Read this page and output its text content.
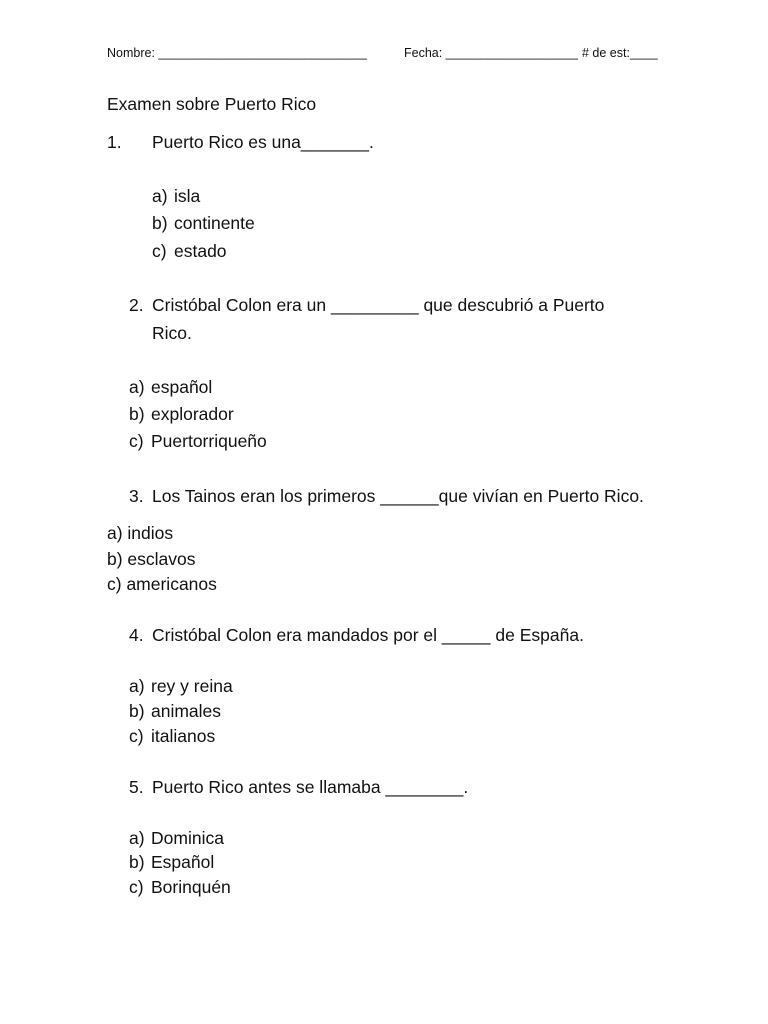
Nombre: ______________________________	Fecha: ___________________ # de est:____
Examen sobre Puerto Rico
1. Puerto Rico es una_______.
a) isla
b) continente
c) estado
2. Cristóbal Colon era un _________ que descubrió a Puerto
Rico.
a) español
b) explorador
c) Puertorriqueño
3. Los Tainos eran los primeros ______que vivían en Puerto Rico.
a) indios
b) esclavos
c) americanos
4. Cristóbal Colon era mandados por el _____ de España.
a) rey y reina
b) animales
c) italianos
5. Puerto Rico antes se llamaba ________.
a) Dominica
b) Español
c) Borinquén
